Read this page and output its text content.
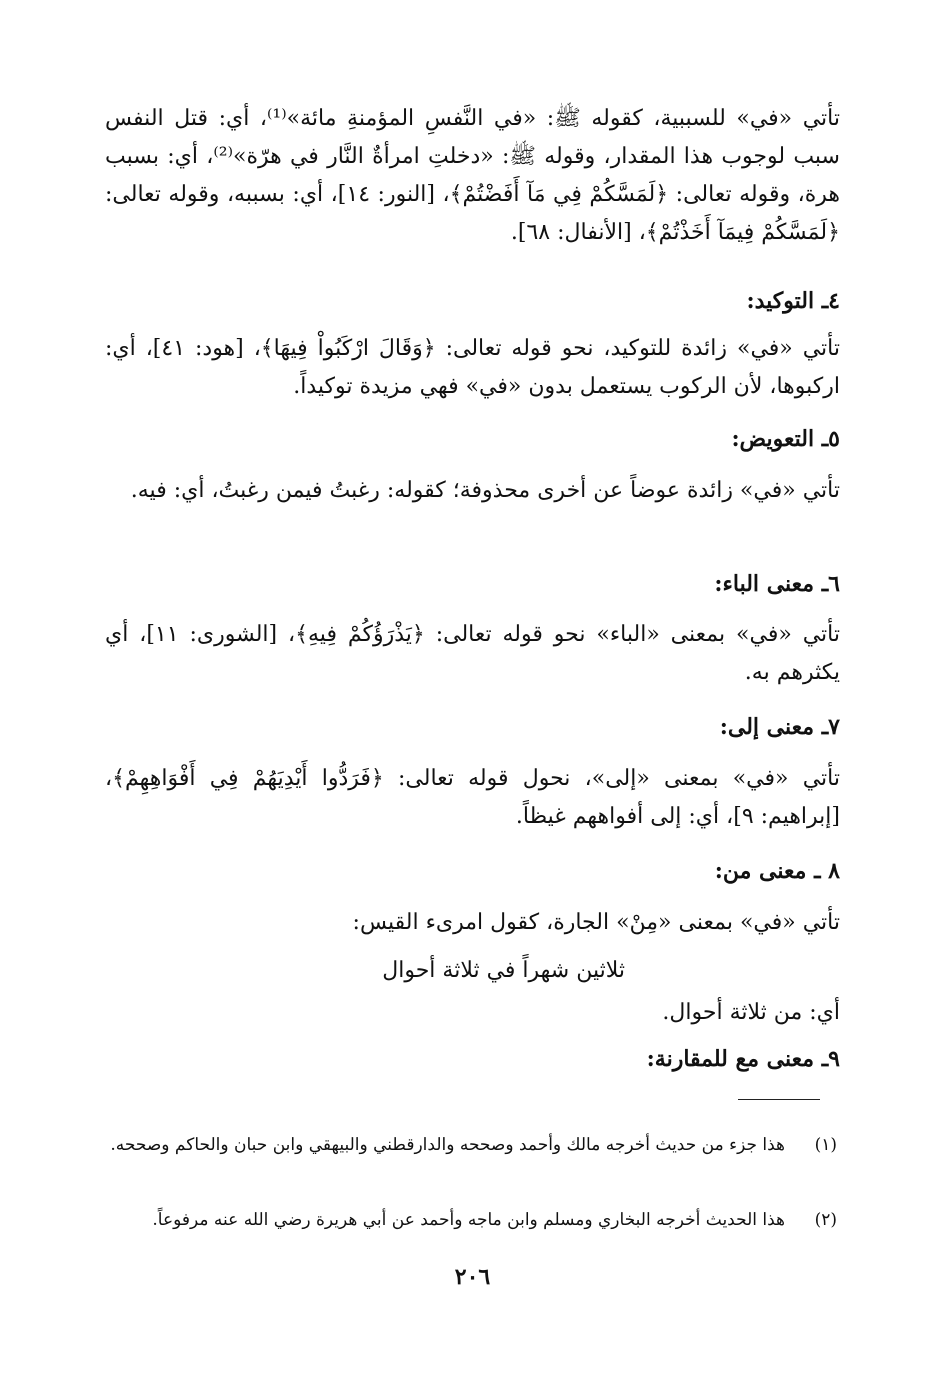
تأتي «في» للسببية، كقوله ﷺ: «في النَّفسِ المؤمنةِ مائة»⁽¹⁾، أي: قتل النفس سبب لوجوب هذا المقدار، وقوله ﷺ: «دخلتِ امرأةٌ النَّار في هرّة»⁽²⁾، أي: بسبب هرة، وقوله تعالى: ﴿لَمَسَّكُمْ فِي مَآ أَفَضْتُمْ﴾، [النور: ١٤]، أي: بسببه، وقوله تعالى: ﴿لَمَسَّكُمْ فِيمَآ أَخَذْتُمْ﴾، [الأنفال: ٦٨].

٤ـ التوكيد:

تأتي «في» زائدة للتوكيد، نحو قوله تعالى: ﴿وَقَالَ ارْكَبُواْ فِيهَا﴾، [هود: ٤١]، أي: اركبوها، لأن الركوب يستعمل بدون «في» فهي مزيدة توكيداً.

٥ـ التعويض:

تأتي «في» زائدة عوضاً عن أخرى محذوفة؛ كقوله: رغبتُ فيمن رغبتُ، أي: فيه.

٦ـ معنى الباء:

تأتي «في» بمعنى «الباء» نحو قوله تعالى: ﴿يَذْرَؤُكُمْ فِيهِ﴾، [الشورى: ١١]، أي يكثرهم به.

٧ـ معنى إلى:

تأتي «في» بمعنى «إلى»، نحول قوله تعالى: ﴿فَرَدُّوا أَيْدِيَهُمْ فِي أَفْوَاهِهِمْ﴾، [إبراهيم: ٩]، أي: إلى أفواههم غيظاً.

٨ ـ معنى من:

تأتي «في» بمعنى «مِنْ» الجارة، كقول امرىء القيس:

ثلاثين شهراً في ثلاثة أحوال

أي: من ثلاثة أحوال.

٩ـ معنى مع للمقارنة:

(١)

هذا جزء من حديث أخرجه مالك وأحمد وصححه والدارقطني والبيهقي وابن حبان والحاكم وصححه.

(٢)

هذا الحديث أخرجه البخاري ومسلم وابن ماجه وأحمد عن أبي هريرة رضي الله عنه مرفوعاً.

٢٠٦
